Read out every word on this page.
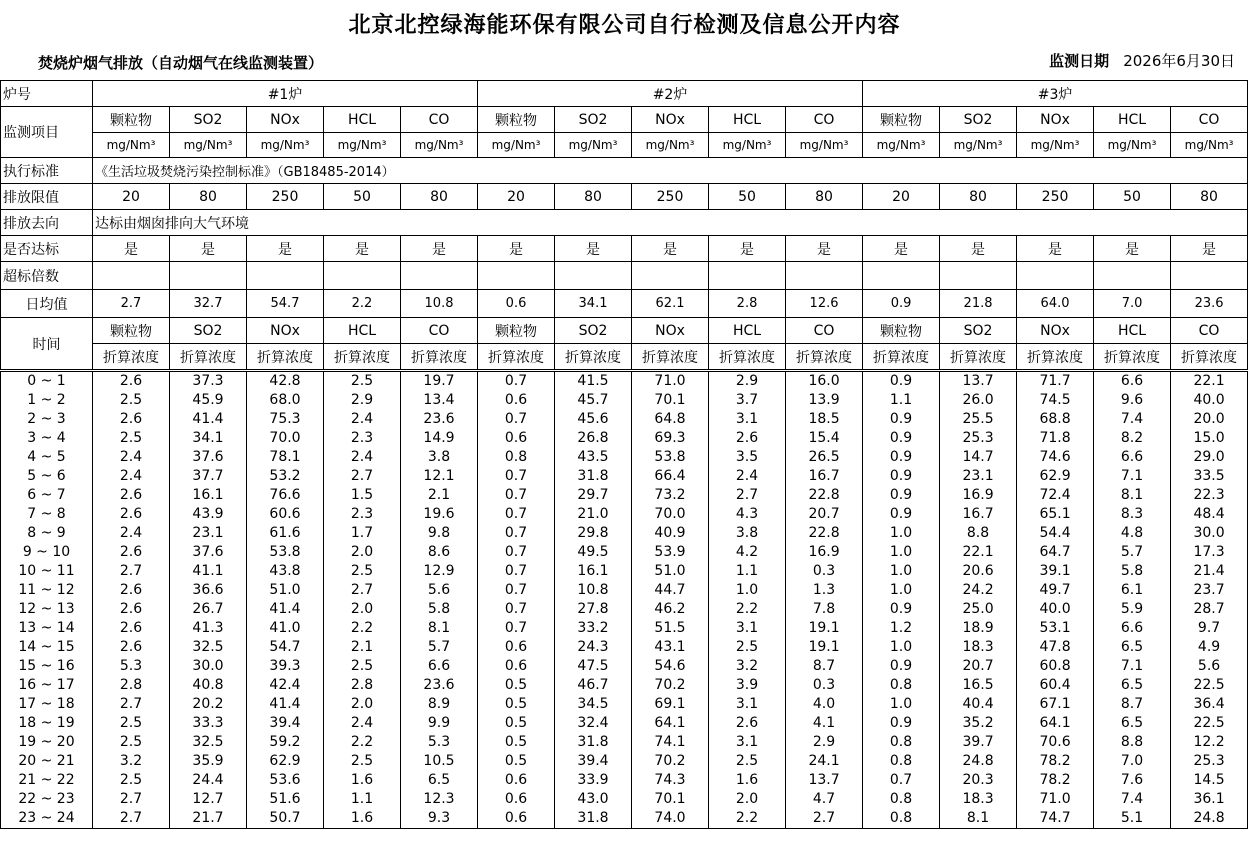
北京北控绿海能环保有限公司自行检测及信息公开内容
焚烧炉烟气排放（自动烟气在线监测装置）	监测日期 2026年6月30日
炉号	#1炉					#2炉					#3炉				
监测项目	颗粒物	SO2	NOx	HCL	CO	颗粒物	SO2	NOx	HCL	CO	颗粒物	SO2	NOx	HCL	CO
	mg/Nm³	mg/Nm³	mg/Nm³	mg/Nm³	mg/Nm³	mg/Nm³	mg/Nm³	mg/Nm³	mg/Nm³	mg/Nm³	mg/Nm³	mg/Nm³	mg/Nm³	mg/Nm³	mg/Nm³
执行标准	《生活垃圾焚烧污染控制标准》（GB18485-2014）														
排放限值	20	80	250	50	80	20	80	250	50	80	20	80	250	50	80
排放去向	达标由烟囱排向大气环境														
是否达标	是	是	是	是	是	是	是	是	是	是	是	是	是	是	是
超标倍数															
日均值	2.7	32.7	54.7	2.2	10.8	0.6	34.1	62.1	2.8	12.6	0.9	21.8	64.0	7.0	23.6
时间	颗粒物	SO2	NOx	HCL	CO	颗粒物	SO2	NOx	HCL	CO	颗粒物	SO2	NOx	HCL	CO
	折算浓度	折算浓度	折算浓度	折算浓度	折算浓度	折算浓度	折算浓度	折算浓度	折算浓度	折算浓度	折算浓度	折算浓度	折算浓度	折算浓度	折算浓度

0 ~ 1	2.6	37.3	42.8	2.5	19.7	0.7	41.5	71.0	2.9	16.0	0.9	13.7	71.7	6.6	22.1
1 ~ 2	2.5	45.9	68.0	2.9	13.4	0.6	45.7	70.1	3.7	13.9	1.1	26.0	74.5	9.6	40.0
2 ~ 3	2.6	41.4	75.3	2.4	23.6	0.7	45.6	64.8	3.1	18.5	0.9	25.5	68.8	7.4	20.0
3 ~ 4	2.5	34.1	70.0	2.3	14.9	0.6	26.8	69.3	2.6	15.4	0.9	25.3	71.8	8.2	15.0
4 ~ 5	2.4	37.6	78.1	2.4	3.8	0.8	43.5	53.8	3.5	26.5	0.9	14.7	74.6	6.6	29.0
5 ~ 6	2.4	37.7	53.2	2.7	12.1	0.7	31.8	66.4	2.4	16.7	0.9	23.1	62.9	7.1	33.5
6 ~ 7	2.6	16.1	76.6	1.5	2.1	0.7	29.7	73.2	2.7	22.8	0.9	16.9	72.4	8.1	22.3
7 ~ 8	2.6	43.9	60.6	2.3	19.6	0.7	21.0	70.0	4.3	20.7	0.9	16.7	65.1	8.3	48.4
8 ~ 9	2.4	23.1	61.6	1.7	9.8	0.7	29.8	40.9	3.8	22.8	1.0	8.8	54.4	4.8	30.0
9 ~ 10	2.6	37.6	53.8	2.0	8.6	0.7	49.5	53.9	4.2	16.9	1.0	22.1	64.7	5.7	17.3
10 ~ 11	2.7	41.1	43.8	2.5	12.9	0.7	16.1	51.0	1.1	0.3	1.0	20.6	39.1	5.8	21.4
11 ~ 12	2.6	36.6	51.0	2.7	5.6	0.7	10.8	44.7	1.0	1.3	1.0	24.2	49.7	6.1	23.7
12 ~ 13	2.6	26.7	41.4	2.0	5.8	0.7	27.8	46.2	2.2	7.8	0.9	25.0	40.0	5.9	28.7
13 ~ 14	2.6	41.3	41.0	2.2	8.1	0.7	33.2	51.5	3.1	19.1	1.2	18.9	53.1	6.6	9.7
14 ~ 15	2.6	32.5	54.7	2.1	5.7	0.6	24.3	43.1	2.5	19.1	1.0	18.3	47.8	6.5	4.9
15 ~ 16	5.3	30.0	39.3	2.5	6.6	0.6	47.5	54.6	3.2	8.7	0.9	20.7	60.8	7.1	5.6
16 ~ 17	2.8	40.8	42.4	2.8	23.6	0.5	46.7	70.2	3.9	0.3	0.8	16.5	60.4	6.5	22.5
17 ~ 18	2.7	20.2	41.4	2.0	8.9	0.5	34.5	69.1	3.1	4.0	1.0	40.4	67.1	8.7	36.4
18 ~ 19	2.5	33.3	39.4	2.4	9.9	0.5	32.4	64.1	2.6	4.1	0.9	35.2	64.1	6.5	22.5
19 ~ 20	2.5	32.5	59.2	2.2	5.3	0.5	31.8	74.1	3.1	2.9	0.8	39.7	70.6	8.8	12.2
20 ~ 21	3.2	35.9	62.9	2.5	10.5	0.5	39.4	70.2	2.5	24.1	0.8	24.8	78.2	7.0	25.3
21 ~ 22	2.5	24.4	53.6	1.6	6.5	0.6	33.9	74.3	1.6	13.7	0.7	20.3	78.2	7.6	14.5
22 ~ 23	2.7	12.7	51.6	1.1	12.3	0.6	43.0	70.1	2.0	4.7	0.8	18.3	71.0	7.4	36.1
23 ~ 24	2.7	21.7	50.7	1.6	9.3	0.6	31.8	74.0	2.2	2.7	0.8	8.1	74.7	5.1	24.8
